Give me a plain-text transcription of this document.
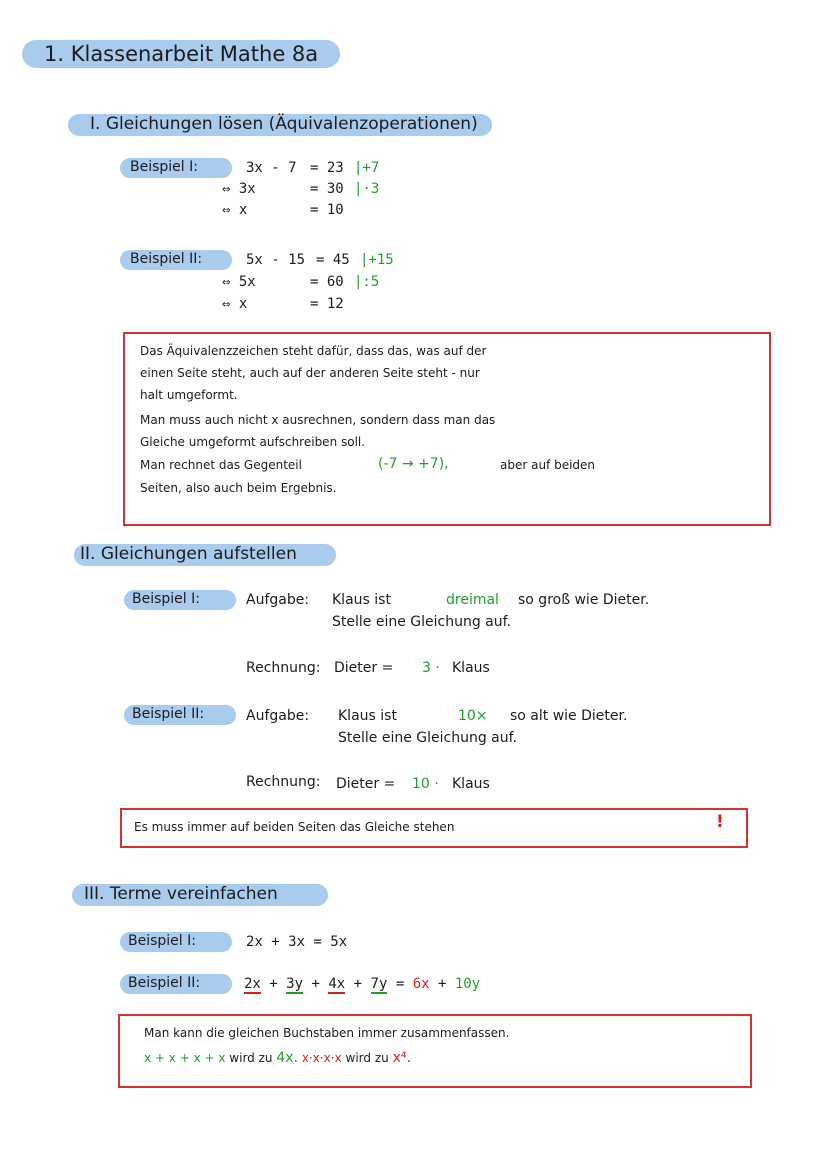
1. Klassenarbeit Mathe 8a
I. Gleichungen lösen (Äquivalenzoperationen)
Beispiel I:	3x - 7 = 23 |+7
⇔ 3x	= 30 |·3
⇔ x	= 10
Beispiel II:	5x - 15 = 45 |+15
⇔ 5x	= 60 |:5
⇔ x	= 12
Das Äquivalenzzeichen steht dafür, dass das, was auf der
einen Seite steht, auch auf der anderen Seite steht - nur
halt umgeformt.
Man muss auch nicht x ausrechnen, sondern dass man das
Gleiche umgeformt aufschreiben soll.
Man rechnet das Gegenteil	(-7 → +7),	aber auf beiden
Seiten, also auch beim Ergebnis.
II. Gleichungen aufstellen
Beispiel I:	Aufgabe: Klaus ist	dreimal so groß wie Dieter.
Stelle eine Gleichung auf.
Rechnung: Dieter = 3 · Klaus
Beispiel II:	Aufgabe: Klaus ist	10× so alt wie Dieter.
Stelle eine Gleichung auf.
Rechnung: Dieter = 10 · Klaus
Es muss immer auf beiden Seiten das Gleiche stehen	!
III. Terme vereinfachen
Beispiel I:	2x + 3x = 5x
Beispiel II:	2x + 3y + 4x + 7y = 6x + 10y
Man kann die gleichen Buchstaben immer zusammenfassen.
x + x + x + x wird zu 4x. x·x·x·x wird zu x⁴.
